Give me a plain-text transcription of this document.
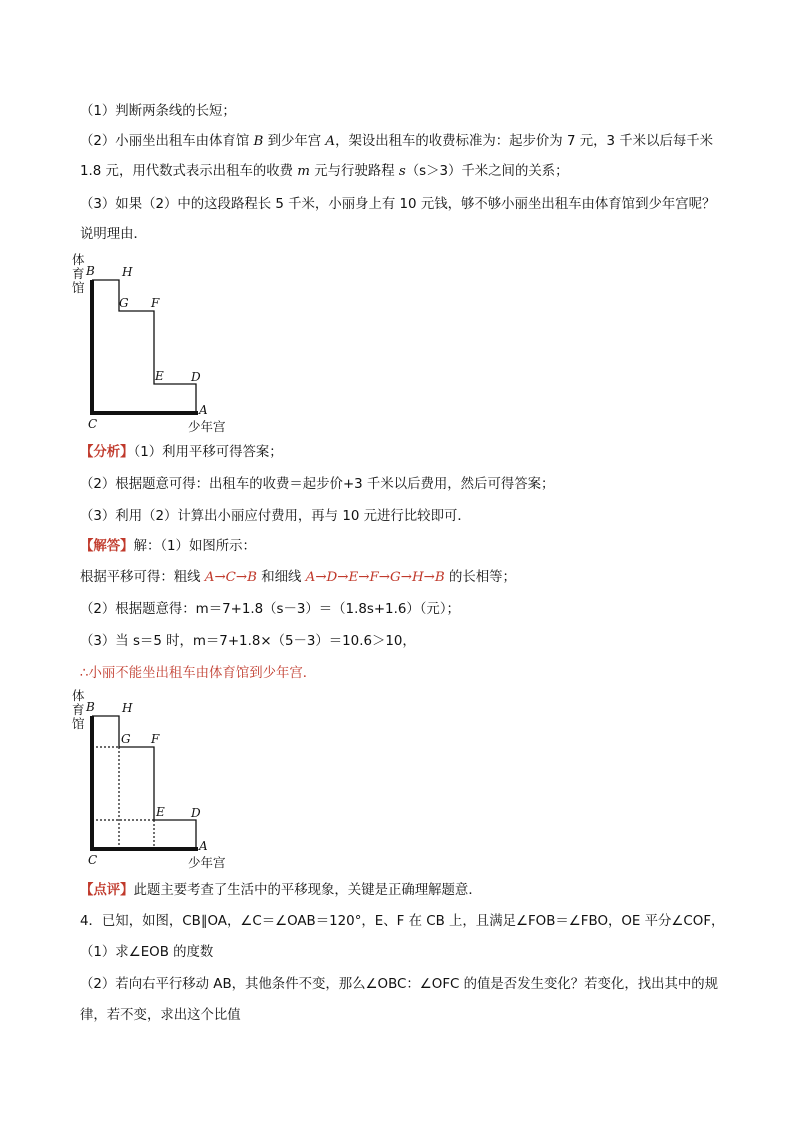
（1）判断两条线的长短；
（2）小丽坐出租车由体育馆 B 到少年宫 A，架设出租车的收费标准为：起步价为 7 元，3 千米以后每千米
1.8 元，用代数式表示出租车的收费 m 元与行驶路程 s（s＞3）千米之间的关系；
（3）如果（2）中的这段路程长 5 千米，小丽身上有 10 元钱，够不够小丽坐出租车由体育馆到少年宫呢？
说明理由．
体
育
馆
B H
G F
E D
A
C	少年宫
【分析】（1）利用平移可得答案；
（2）根据题意可得：出租车的收费＝起步价+3 千米以后费用，然后可得答案；
（3）利用（2）计算出小丽应付费用，再与 10 元进行比较即可．
【解答】解：（1）如图所示：
根据平移可得：粗线 A→C→B 和细线 A→D→E→F→G→H→B 的长相等；
（2）根据题意得：m＝7+1.8（s－3）＝（1.8s+1.6）（元）；
（3）当 s＝5 时，m＝7+1.8×（5－3）＝10.6＞10，
∴小丽不能坐出租车由体育馆到少年宫．
体
育
馆
B H
G F
E D
A
C	少年宫
【点评】此题主要考查了生活中的平移现象，关键是正确理解题意．
4．已知，如图，CB∥OA，∠C＝∠OAB＝120°，E、F 在 CB 上，且满足∠FOB＝∠FBO，OE 平分∠COF，
（1）求∠EOB 的度数
（2）若向右平行移动 AB，其他条件不变，那么∠OBC：∠OFC 的值是否发生变化？若变化，找出其中的规
律，若不变，求出这个比值
